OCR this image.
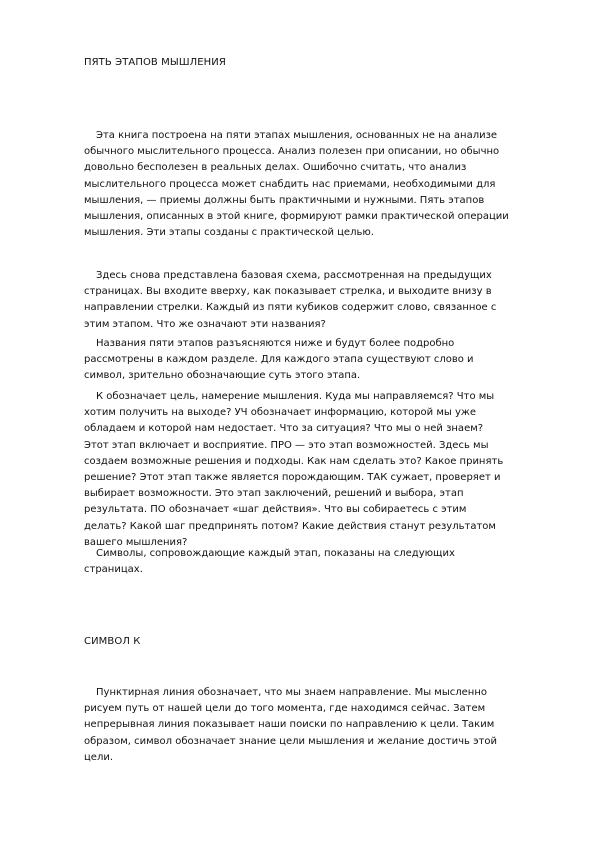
ПЯТЬ ЭТАПОВ МЫШЛЕНИЯ
Эта книга построена на пяти этапах мышления, основанных не на анализе
обычного мыслительного процесса. Анализ полезен при описании, но обычно
довольно бесполезен в реальных делах. Ошибочно считать, что анализ
мыслительного процесса может снабдить нас приемами, необходимыми для
мышления, — приемы должны быть практичными и нужными. Пять этапов
мышления, описанных в этой книге, формируют рамки практической операции
мышления. Эти этапы созданы с практической целью.
Здесь снова представлена базовая схема, рассмотренная на предыдущих
страницах. Вы входите вверху, как показывает стрелка, и выходите внизу в
направлении стрелки. Каждый из пяти кубиков содержит слово, связанное с
этим этапом. Что же означают эти названия?
Названия пяти этапов разъясняются ниже и будут более подробно
рассмотрены в каждом разделе. Для каждого этапа существуют слово и
символ, зрительно обозначающие суть этого этапа.
К обозначает цель, намерение мышления. Куда мы направляемся? Что мы
хотим получить на выходе? УЧ обозначает информацию, которой мы уже
обладаем и которой нам недостает. Что за ситуация? Что мы о ней знаем?
Этот этап включает и восприятие. ПРО — это этап возможностей. Здесь мы
создаем возможные решения и подходы. Как нам сделать это? Какое принять
решение? Этот этап также является порождающим. ТАК сужает, проверяет и
выбирает возможности. Это этап заключений, решений и выбора, этап
результата. ПО обозначает «шаг действия». Что вы собираетесь с этим
делать? Какой шаг предпринять потом? Какие действия станут результатом
вашего мышления?
Символы, сопровождающие каждый этап, показаны на следующих
страницах.
СИМВОЛ К
Пунктирная линия обозначает, что мы знаем направление. Мы мысленно
рисуем путь от нашей цели до того момента, где находимся сейчас. Затем
непрерывная линия показывает наши поиски по направлению к цели. Таким
образом, символ обозначает знание цели мышления и желание достичь этой
цели.
